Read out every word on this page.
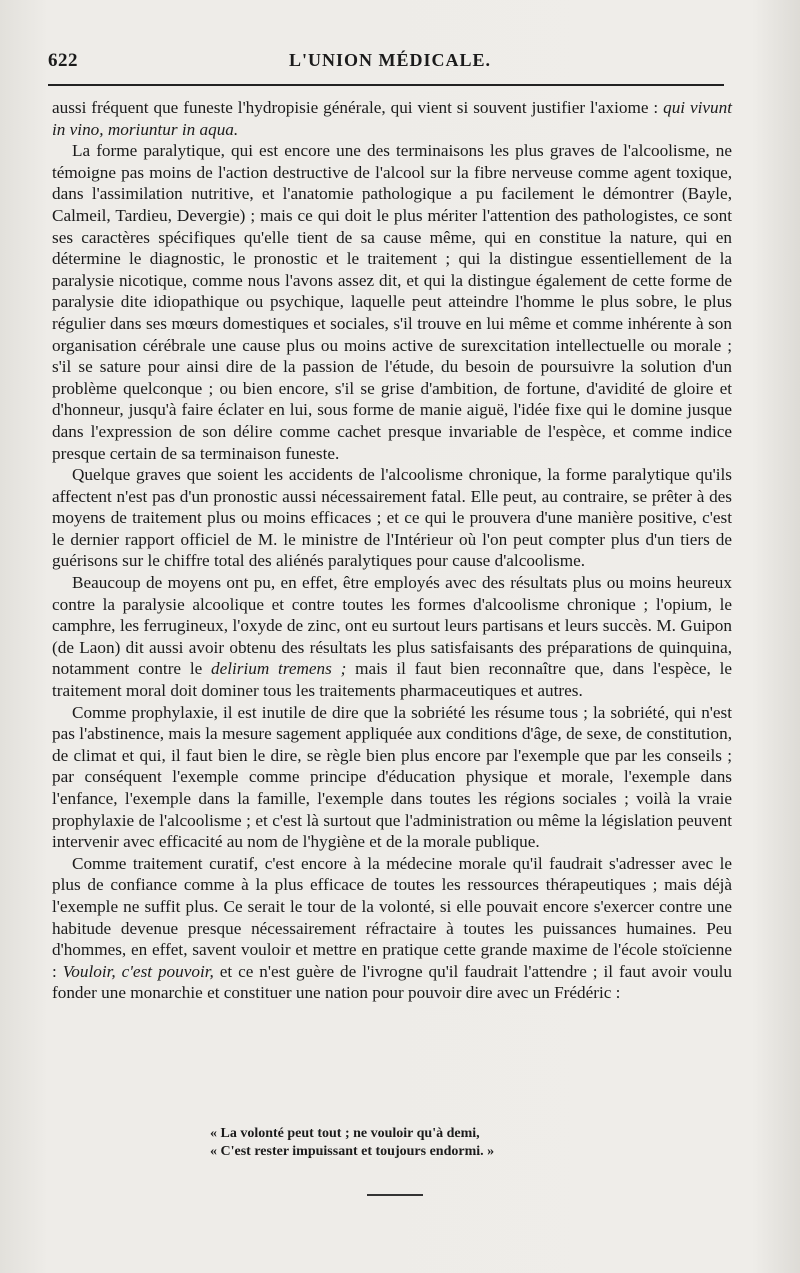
622	L'UNION MÉDICALE.

aussi fréquent que funeste l'hydropisie générale, qui vient si souvent justifier l'axiome : qui vivunt in vino, moriuntur in aqua.

La forme paralytique, qui est encore une des terminaisons les plus graves de l'alcoolisme, ne témoigne pas moins de l'action destructive de l'alcool sur la fibre nerveuse comme agent toxique, dans l'assimilation nutritive, et l'anatomie pathologique a pu facilement le démontrer (Bayle, Calmeil, Tardieu, Devergie) ; mais ce qui doit le plus mériter l'attention des pathologistes, ce sont ses caractères spécifiques qu'elle tient de sa cause même, qui en constitue la nature, qui en détermine le diagnostic, le pronostic et le traitement ; qui la distingue essentiellement de la paralysie nicotique, comme nous l'avons assez dit, et qui la distingue également de cette forme de paralysie dite idiopathique ou psychique, laquelle peut atteindre l'homme le plus sobre, le plus régulier dans ses mœurs domestiques et sociales, s'il trouve en lui même et comme inhérente à son organisation cérébrale une cause plus ou moins active de surexcitation intellectuelle ou morale ; s'il se sature pour ainsi dire de la passion de l'étude, du besoin de poursuivre la solution d'un problème quelconque ; ou bien encore, s'il se grise d'ambition, de fortune, d'avidité de gloire et d'honneur, jusqu'à faire éclater en lui, sous forme de manie aiguë, l'idée fixe qui le domine jusque dans l'expression de son délire comme cachet presque invariable de l'espèce, et comme indice presque certain de sa terminaison funeste.

Quelque graves que soient les accidents de l'alcoolisme chronique, la forme paralytique qu'ils affectent n'est pas d'un pronostic aussi nécessairement fatal. Elle peut, au contraire, se prêter à des moyens de traitement plus ou moins efficaces ; et ce qui le prouvera d'une manière positive, c'est le dernier rapport officiel de M. le ministre de l'Intérieur où l'on peut compter plus d'un tiers de guérisons sur le chiffre total des aliénés paralytiques pour cause d'alcoolisme.

Beaucoup de moyens ont pu, en effet, être employés avec des résultats plus ou moins heureux contre la paralysie alcoolique et contre toutes les formes d'alcoolisme chronique ; l'opium, le camphre, les ferrugineux, l'oxyde de zinc, ont eu surtout leurs partisans et leurs succès. M. Guipon (de Laon) dit aussi avoir obtenu des résultats les plus satisfaisants des préparations de quinquina, notamment contre le delirium tremens ; mais il faut bien reconnaître que, dans l'espèce, le traitement moral doit dominer tous les traitements pharmaceutiques et autres.

Comme prophylaxie, il est inutile de dire que la sobriété les résume tous ; la sobriété, qui n'est pas l'abstinence, mais la mesure sagement appliquée aux conditions d'âge, de sexe, de constitution, de climat et qui, il faut bien le dire, se règle bien plus encore par l'exemple que par les conseils ; par conséquent l'exemple comme principe d'éducation physique et morale, l'exemple dans l'enfance, l'exemple dans la famille, l'exemple dans toutes les régions sociales ; voilà la vraie prophylaxie de l'alcoolisme ; et c'est là surtout que l'administration ou même la législation peuvent intervenir avec efficacité au nom de l'hygiène et de la morale publique.

Comme traitement curatif, c'est encore à la médecine morale qu'il faudrait s'adresser avec le plus de confiance comme à la plus efficace de toutes les ressources thérapeutiques ; mais déjà l'exemple ne suffit plus. Ce serait le tour de la volonté, si elle pouvait encore s'exercer contre une habitude devenue presque nécessairement réfractaire à toutes les puissances humaines. Peu d'hommes, en effet, savent vouloir et mettre en pratique cette grande maxime de l'école stoïcienne : Vouloir, c'est pouvoir, et ce n'est guère de l'ivrogne qu'il faudrait l'attendre ; il faut avoir voulu fonder une monarchie et constituer une nation pour pouvoir dire avec un Frédéric :

« La volonté peut tout ; ne vouloir qu'à demi,
« C'est rester impuissant et toujours endormi. »
